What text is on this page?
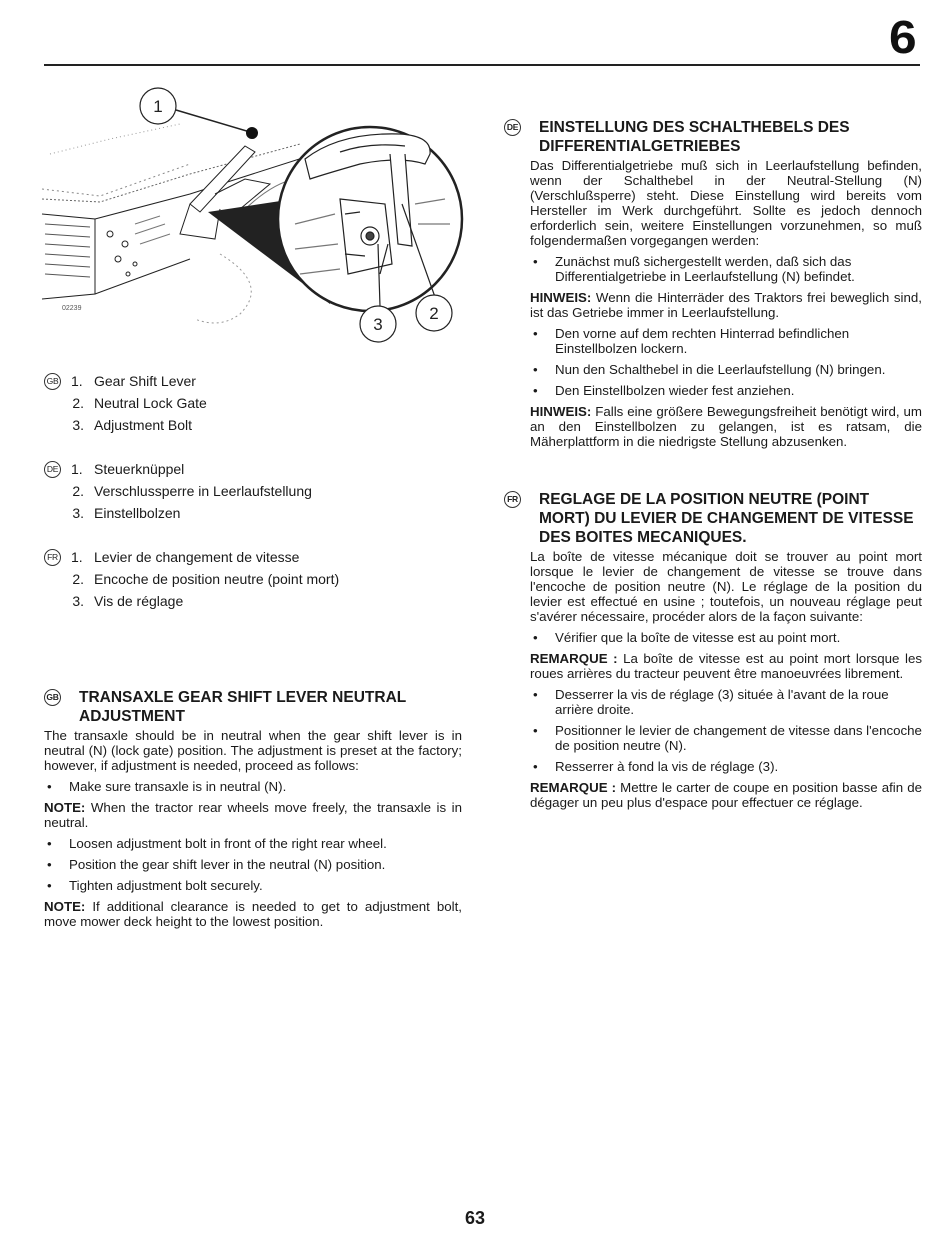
6
1
3
2
02239
GB 1. Gear Shift Lever
2. Neutral Lock Gate
3. Adjustment Bolt
DE 1. Steuerknüppel
2. Verschlussperre in Leerlaufstellung
3. Einstellbolzen
FR 1. Levier de changement de vitesse
2. Encoche de position neutre (point mort)
3. Vis de réglage
GB TRANSAXLE GEAR SHIFT LEVER NEUTRAL ADJUSTMENT

The transaxle should be in neutral when the gear shift lever is in neutral (N) (lock gate) position. The adjustment is preset at the factory; however, if adjustment is needed, proceed as follows:

•	Make sure transaxle is in neutral (N).

NOTE: When the tractor rear wheels move freely, the transaxle is in neutral.

•	Loosen adjustment bolt in front of the right rear wheel.
•	Position the gear shift lever in the neutral (N) position.
•	Tighten adjustment bolt securely.

NOTE: If additional clearance is needed to get to adjustment bolt, move mower deck height to the lowest position.

DE EINSTELLUNG DES SCHALTHEBELS DES DIFFERENTIALGETRIEBES

Das Differentialgetriebe muß sich in Leerlaufstellung befinden, wenn der Schalthebel in der Neutral-Stellung (N) (Verschlußsperre) steht. Diese Einstellung wird bereits vom Hersteller im Werk durchgeführt. Sollte es jedoch dennoch erforderlich sein, weitere Einstellungen vorzunehmen, so muß folgendermaßen vorgegangen werden:

•	Zunächst muß sichergestellt werden, daß sich das Differentialgetriebe in Leerlaufstellung (N) befindet.

HINWEIS: Wenn die Hinterräder des Traktors frei beweglich sind, ist das Getriebe immer in Leerlaufstellung.

•	Den vorne auf dem rechten Hinterrad befindlichen Einstellbolzen lockern.
•	Nun den Schalthebel in die Leerlaufstellung (N) bringen.
•	Den Einstellbolzen wieder fest anziehen.

HINWEIS: Falls eine größere Bewegungsfreiheit benötigt wird, um an den Einstellbolzen zu gelangen, ist es ratsam, die Mäherplattform in die niedrigste Stellung abzusenken.

FR REGLAGE DE LA POSITION NEUTRE (POINT MORT) DU LEVIER DE CHANGEMENT DE VITESSE DES BOITES MECANIQUES.

La boîte de vitesse mécanique doit se trouver au point mort lorsque le levier de changement de vitesse se trouve dans l'encoche de position neutre (N). Le réglage de la position du levier est effectué en usine ; toutefois, un nouveau réglage peut s'avérer nécessaire, procéder alors de la façon suivante:

•	Vérifier que la boîte de vitesse est au point mort.

REMARQUE : La boîte de vitesse est au point mort lorsque les roues arrières du tracteur peuvent être manoeuvrées librement.

•	Desserrer la vis de réglage (3) située à l'avant de la roue arrière droite.
•	Positionner le levier de changement de vitesse dans l'encoche de position neutre (N).
•	Resserrer à fond la vis de réglage (3).

REMARQUE : Mettre le carter de coupe en position basse afin de dégager un peu plus d'espace pour effectuer ce réglage.

63
